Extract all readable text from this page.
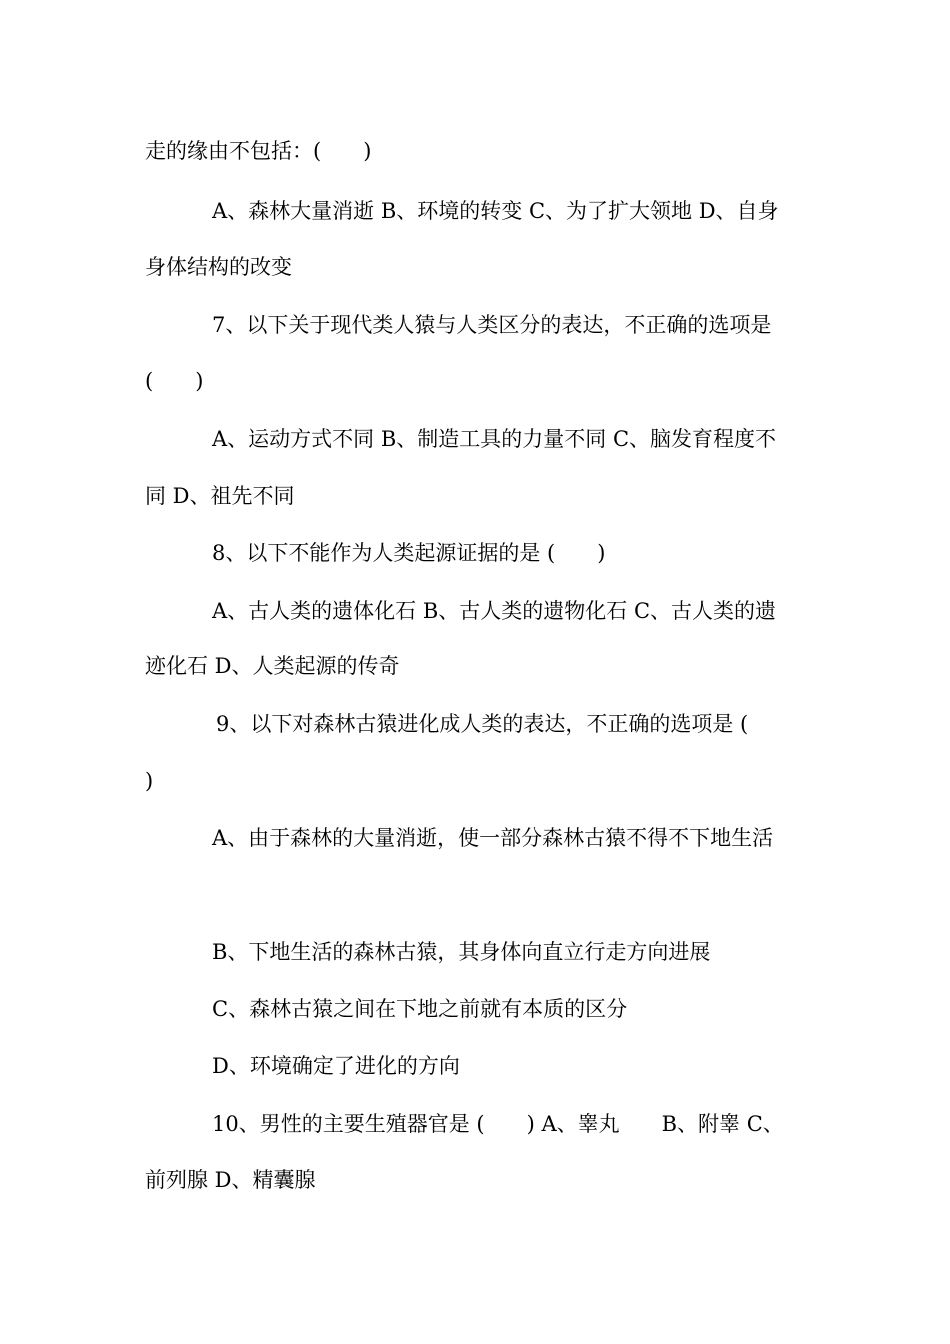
走的缘由不包括：(　　)
A、森林大量消逝 B、环境的转变 C、为了扩大领地 D、自身
身体结构的改变
7、以下关于现代类人猿与人类区分的表达，不正确的选项是
(　　)
A、运动方式不同 B、制造工具的力量不同 C、脑发育程度不
同 D、祖先不同
8、以下不能作为人类起源证据的是 (　　)
A、古人类的遗体化石 B、古人类的遗物化石 C、古人类的遗
迹化石 D、人类起源的传奇
9、以下对森林古猿进化成人类的表达，不正确的选项是 (
)
A、由于森林的大量消逝，使一部分森林古猿不得不下地生活
B、下地生活的森林古猿，其身体向直立行走方向进展
C、森林古猿之间在下地之前就有本质的区分
D、环境确定了进化的方向
10、男性的主要生殖器官是 (　　) A、睾丸　　B、附睾 C、
前列腺 D、精囊腺
